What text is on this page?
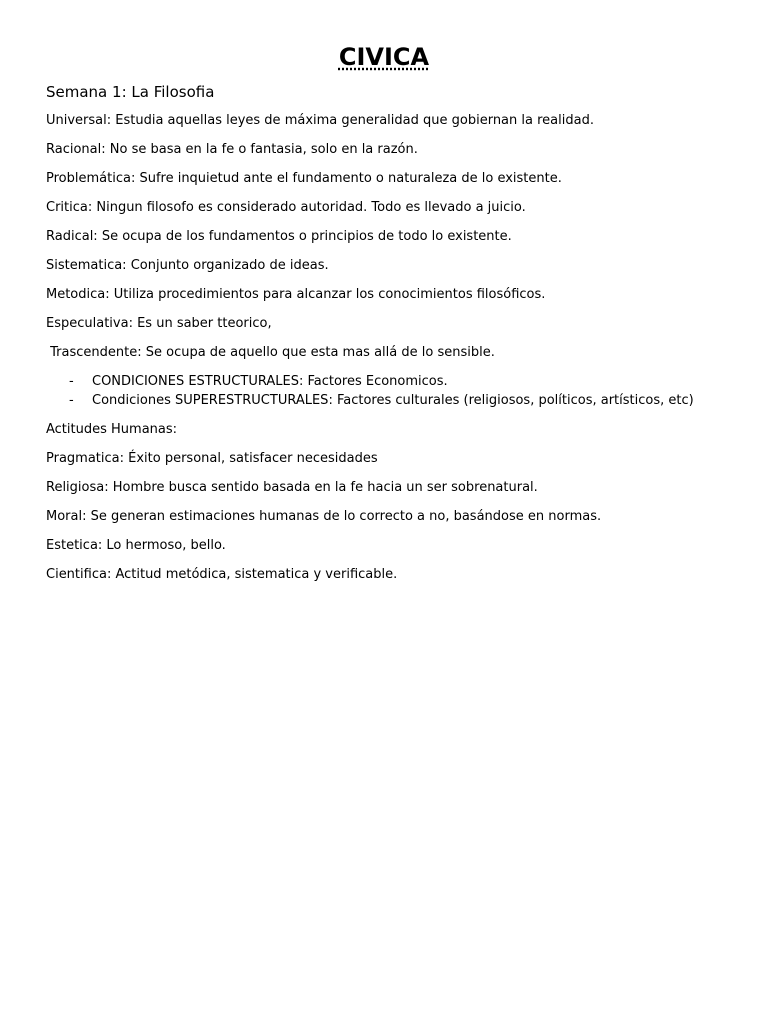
CIVICA
Semana 1: La Filosofia

Universal: Estudia aquellas leyes de máxima generalidad que gobiernan la realidad.

Racional: No se basa en la fe o fantasia, solo en la razón.

Problemática: Sufre inquietud ante el fundamento o naturaleza de lo existente.

Critica: Ningun filosofo es considerado autoridad. Todo es llevado a juicio.

Radical: Se ocupa de los fundamentos o principios de todo lo existente.

Sistematica: Conjunto organizado de ideas.

Metodica: Utiliza procedimientos para alcanzar los conocimientos filosóficos.

Especulativa: Es un saber tteorico,

Trascendente: Se ocupa de aquello que esta mas allá de lo sensible.

- CONDICIONES ESTRUCTURALES: Factores Economicos.
- Condiciones SUPERESTRUCTURALES: Factores culturales (religiosos, políticos, artísticos, etc)

Actitudes Humanas:

Pragmatica: Éxito personal, satisfacer necesidades

Religiosa: Hombre busca sentido basada en la fe hacia un ser sobrenatural.

Moral: Se generan estimaciones humanas de lo correcto a no, basándose en normas.

Estetica: Lo hermoso, bello.

Cientifica: Actitud metódica, sistematica y verificable.
